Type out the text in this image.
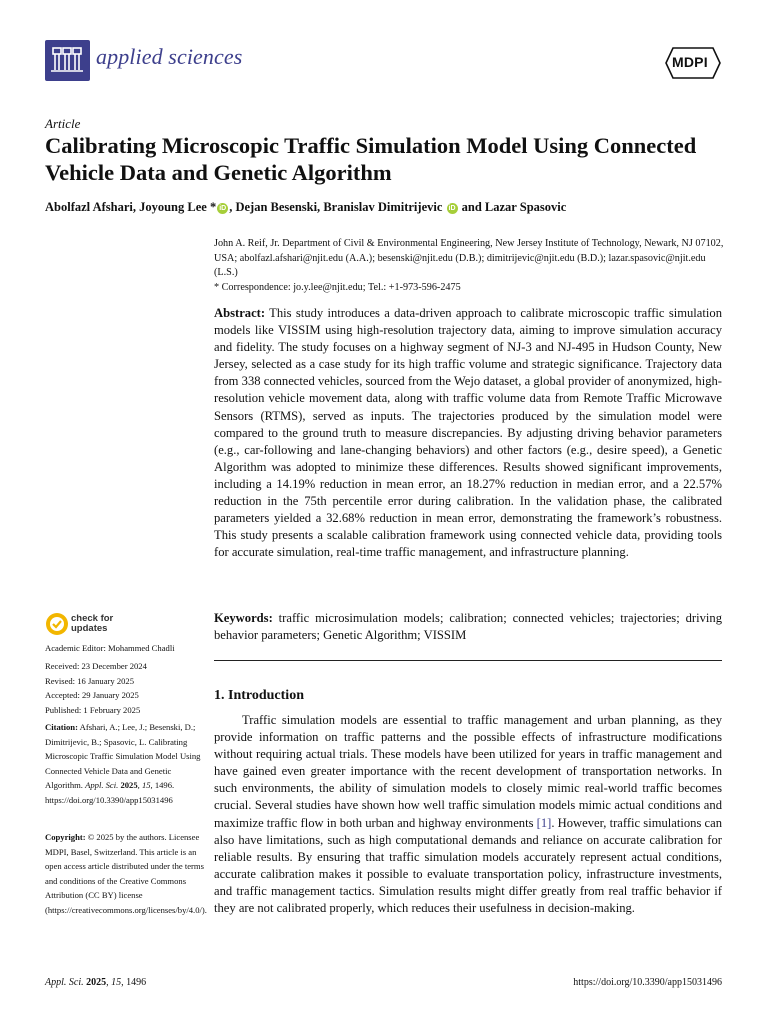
applied sciences	MDPI
Article
Calibrating Microscopic Traffic Simulation Model Using Connected Vehicle Data and Genetic Algorithm
Abolfazl Afshari, Joyoung Lee * iD , Dejan Besenski, Branislav Dimitrijevic iD and Lazar Spasovic

John A. Reif, Jr. Department of Civil & Environmental Engineering, New Jersey Institute of Technology, Newark, NJ 07102, USA; abolfazl.afshari@njit.edu (A.A.); besenski@njit.edu (D.B.); dimitrijevic@njit.edu (B.D.); lazar.spasovic@njit.edu (L.S.)

* Correspondence: jo.y.lee@njit.edu; Tel.: +1-973-596-2475

Abstract: This study introduces a data-driven approach to calibrate microscopic traffic simulation models like VISSIM using high-resolution trajectory data, aiming to improve simulation accuracy and fidelity. The study focuses on a highway segment of NJ-3 and NJ-495 in Hudson County, New Jersey, selected as a case study for its high traffic volume and strategic significance. Trajectory data from 338 connected vehicles, sourced from the Wejo dataset, a global provider of anonymized, high-resolution vehicle movement data, along with traffic volume data from Remote Traffic Microwave Sensors (RTMS), served as inputs. The trajectories produced by the simulation model were compared to the ground truth to measure discrepancies. By adjusting driving behavior parameters (e.g., car-following and lane-changing behaviors) and other factors (e.g., desire speed), a Genetic Algorithm was adopted to minimize these differences. Results showed significant improvements, including a 14.19% reduction in mean error, an 18.27% reduction in median error, and a 22.57% reduction in the 75th percentile error during calibration. In the validation phase, the calibrated parameters yielded a 32.68% reduction in mean error, demonstrating the framework’s robustness. This study presents a scalable calibration framework using connected vehicle data, providing tools for accurate simulation, real-time traffic management, and infrastructure planning.

Keywords: traffic microsimulation models; calibration; connected vehicles; trajectories; driving behavior parameters; Genetic Algorithm; VISSIM

1. Introduction

Traffic simulation models are essential to traffic management and urban planning, as they provide information on traffic patterns and the possible effects of infrastructure modifications without requiring actual trials. These models have been utilized for years in traffic management and have gained even greater importance with the recent development of transportation networks. In such environments, the ability of simulation models to closely mimic real-world traffic becomes crucial. Several studies have shown how well traffic simulation models mimic actual conditions and maximize traffic flow in both urban and highway environments [1]. However, traffic simulations can also have limitations, such as high computational demands and reliance on accurate calibration for reliable results. By ensuring that traffic simulation models accurately represent actual conditions, accurate calibration makes it possible to evaluate transportation policy, infrastructure investments, and traffic management tactics. Simulation results might differ greatly from real traffic behavior if they are not calibrated properly, which reduces their usefulness in decision-making.

check for
updates
Academic Editor: Mohammed Chadli

Received: 23 December 2024

Revised: 16 January 2025

Accepted: 29 January 2025

Published: 1 February 2025

Citation: Afshari, A.; Lee, J.; Besenski, D.; Dimitrijevic, B.; Spasovic, L. Calibrating Microscopic Traffic Simulation Model Using Connected Vehicle Data and Genetic Algorithm. Appl. Sci. 2025, 15, 1496. https://doi.org/10.3390/app15031496

Copyright: © 2025 by the authors. Licensee MDPI, Basel, Switzerland. This article is an open access article distributed under the terms and conditions of the Creative Commons Attribution (CC BY) license (https://creativecommons.org/licenses/by/4.0/).

Appl. Sci. 2025, 15, 1496	https://doi.org/10.3390/app15031496
